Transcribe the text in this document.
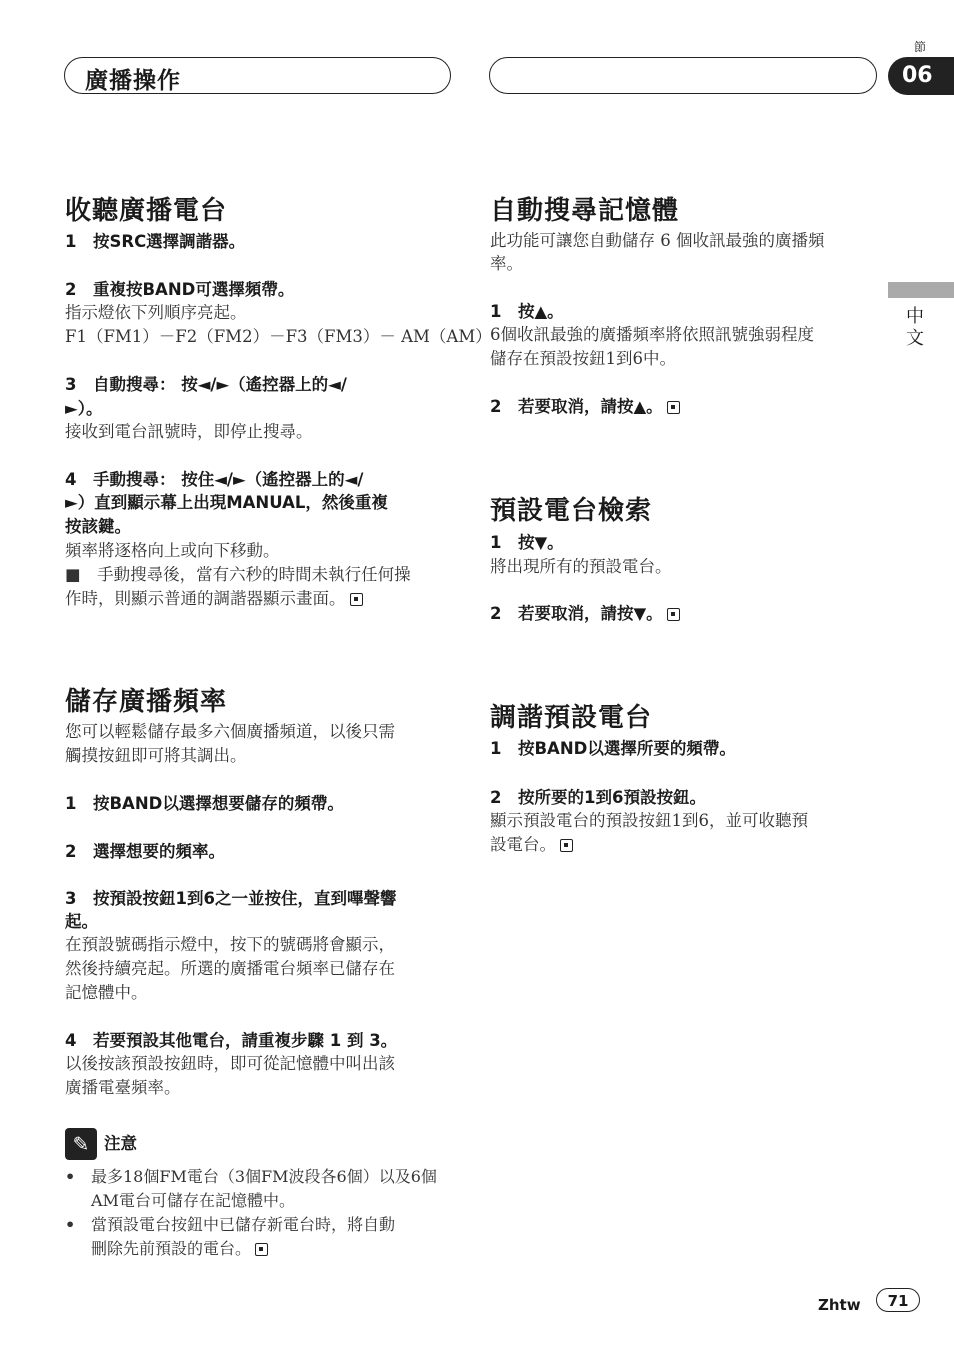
廣播操作
節
06
中文
收聽廣播電台
1　按SRC選擇調諧器。
2　重複按BAND可選擇頻帶。
指示燈依下列順序亮起。
F1（FM1）－F2（FM2）－F3（FM3）－ AM（AM）
3　自動搜尋： 按◄/►（遙控器上的◄/
►）。
接收到電台訊號時，即停止搜尋。
4　手動搜尋： 按住◄/►（遙控器上的◄/
►）直到顯示幕上出現MANUAL，然後重複
按該鍵。
頻率將逐格向上或向下移動。
■　手動搜尋後，當有六秒的時間未執行任何操
作時，則顯示普通的調諧器顯示畫面。
儲存廣播頻率
您可以輕鬆儲存最多六個廣播頻道，以後只需
觸摸按鈕即可將其調出。
1　按BAND以選擇想要儲存的頻帶。
2　選擇想要的頻率。
3　按預設按鈕1到6之一並按住，直到嗶聲響
起。
在預設號碼指示燈中，按下的號碼將會顯示，
然後持續亮起。所選的廣播電台頻率已儲存在
記憶體中。
4　若要預設其他電台，請重複步驟 1 到 3。
以後按該預設按鈕時，即可從記憶體中叫出該
廣播電臺頻率。
✎ 注意
• 最多18個FM電台（3個FM波段各6個）以及6個
AM電台可儲存在記憶體中。
• 當預設電台按鈕中已儲存新電台時，將自動
刪除先前預設的電台。
自動搜尋記憶體
此功能可讓您自動儲存 6 個收訊最強的廣播頻
率。
1　按▲。
6個收訊最強的廣播頻率將依照訊號強弱程度
儲存在預設按鈕1到6中。
2　若要取消，請按▲。
預設電台檢索
1　按▼。
將出現所有的預設電台。
2　若要取消，請按▼。
調諧預設電台
1　按BAND以選擇所要的頻帶。
2　按所要的1到6預設按鈕。
顯示預設電台的預設按鈕1到6，並可收聽預
設電台。
Zhtw	71
